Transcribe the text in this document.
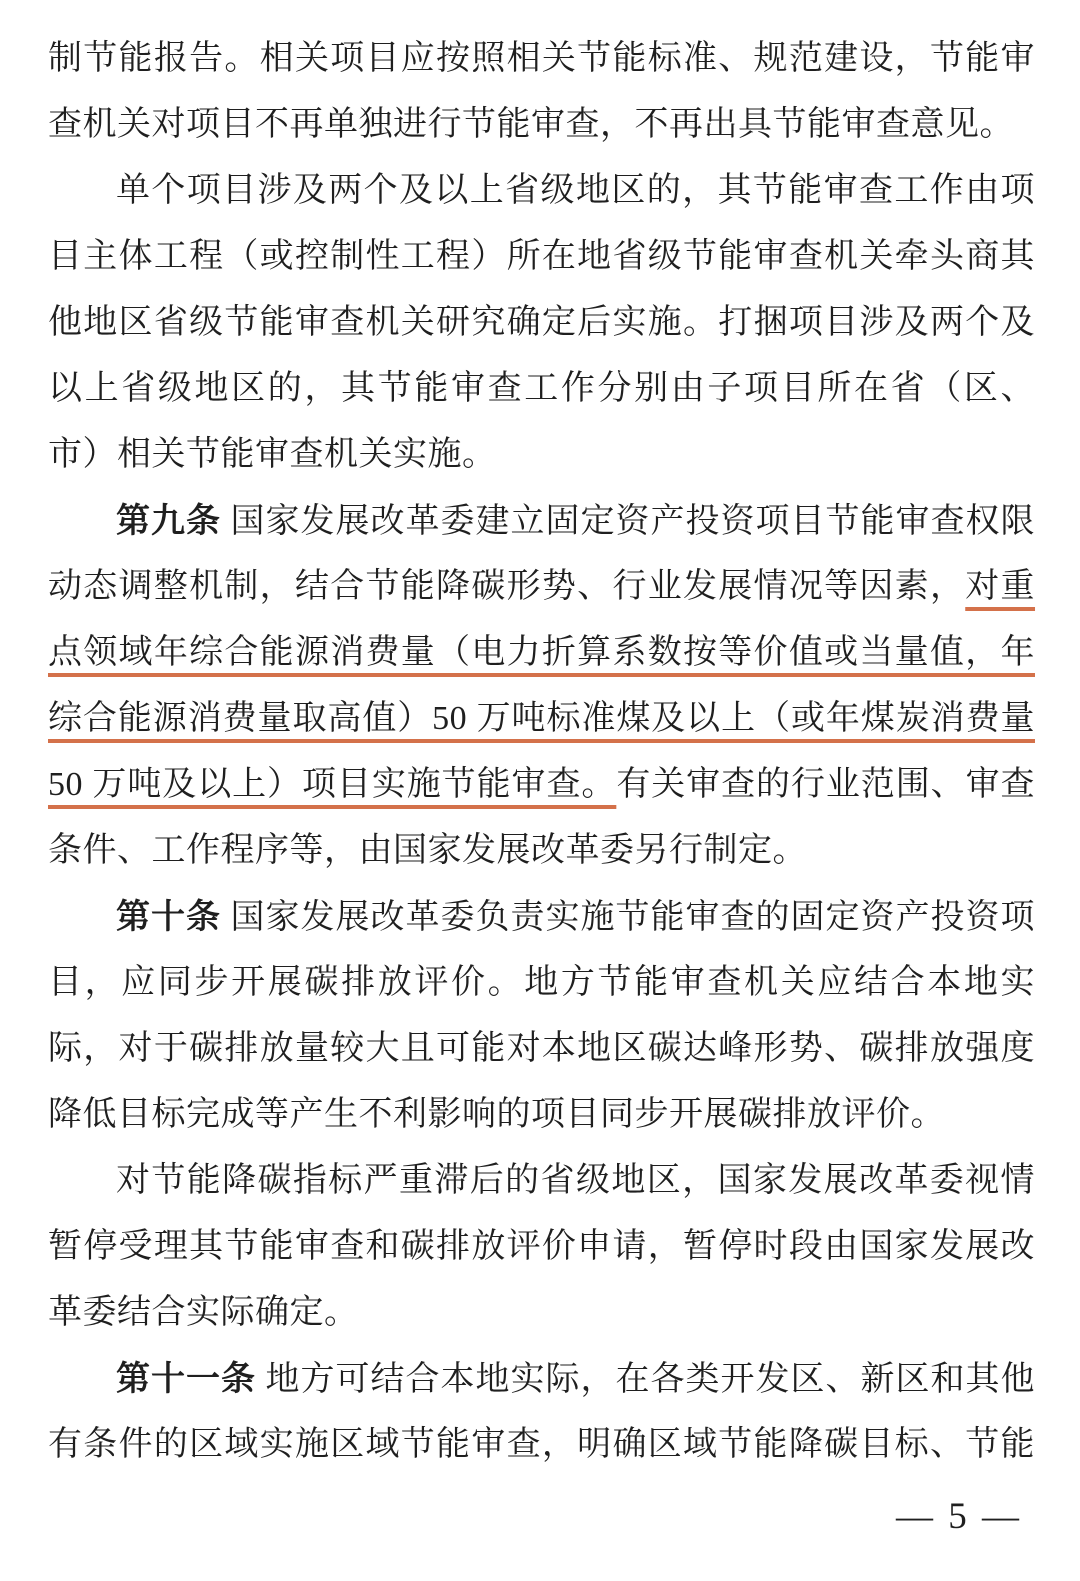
制节能报告。相关项目应按照相关节能标准、规范建设，节能审
查机关对项目不再单独进行节能审查，不再出具节能审查意见。
单个项目涉及两个及以上省级地区的，其节能审查工作由项
目主体工程（或控制性工程）所在地省级节能审查机关牵头商其
他地区省级节能审查机关研究确定后实施。打捆项目涉及两个及
以上省级地区的，其节能审查工作分别由子项目所在省（区、
市）相关节能审查机关实施。
第九条 国家发展改革委建立固定资产投资项目节能审查权限
动态调整机制，结合节能降碳形势、行业发展情况等因素，对重
点领域年综合能源消费量（电力折算系数按等价值或当量值，年
综合能源消费量取高值）50 万吨标准煤及以上（或年煤炭消费量
50 万吨及以上）项目实施节能审查。有关审查的行业范围、审查
条件、工作程序等，由国家发展改革委另行制定。
第十条 国家发展改革委负责实施节能审查的固定资产投资项
目，应同步开展碳排放评价。地方节能审查机关应结合本地实
际，对于碳排放量较大且可能对本地区碳达峰形势、碳排放强度
降低目标完成等产生不利影响的项目同步开展碳排放评价。
对节能降碳指标严重滞后的省级地区，国家发展改革委视情
暂停受理其节能审查和碳排放评价申请，暂停时段由国家发展改
革委结合实际确定。
第十一条 地方可结合本地实际，在各类开发区、新区和其他
有条件的区域实施区域节能审查，明确区域节能降碳目标、节能
— 5 —
